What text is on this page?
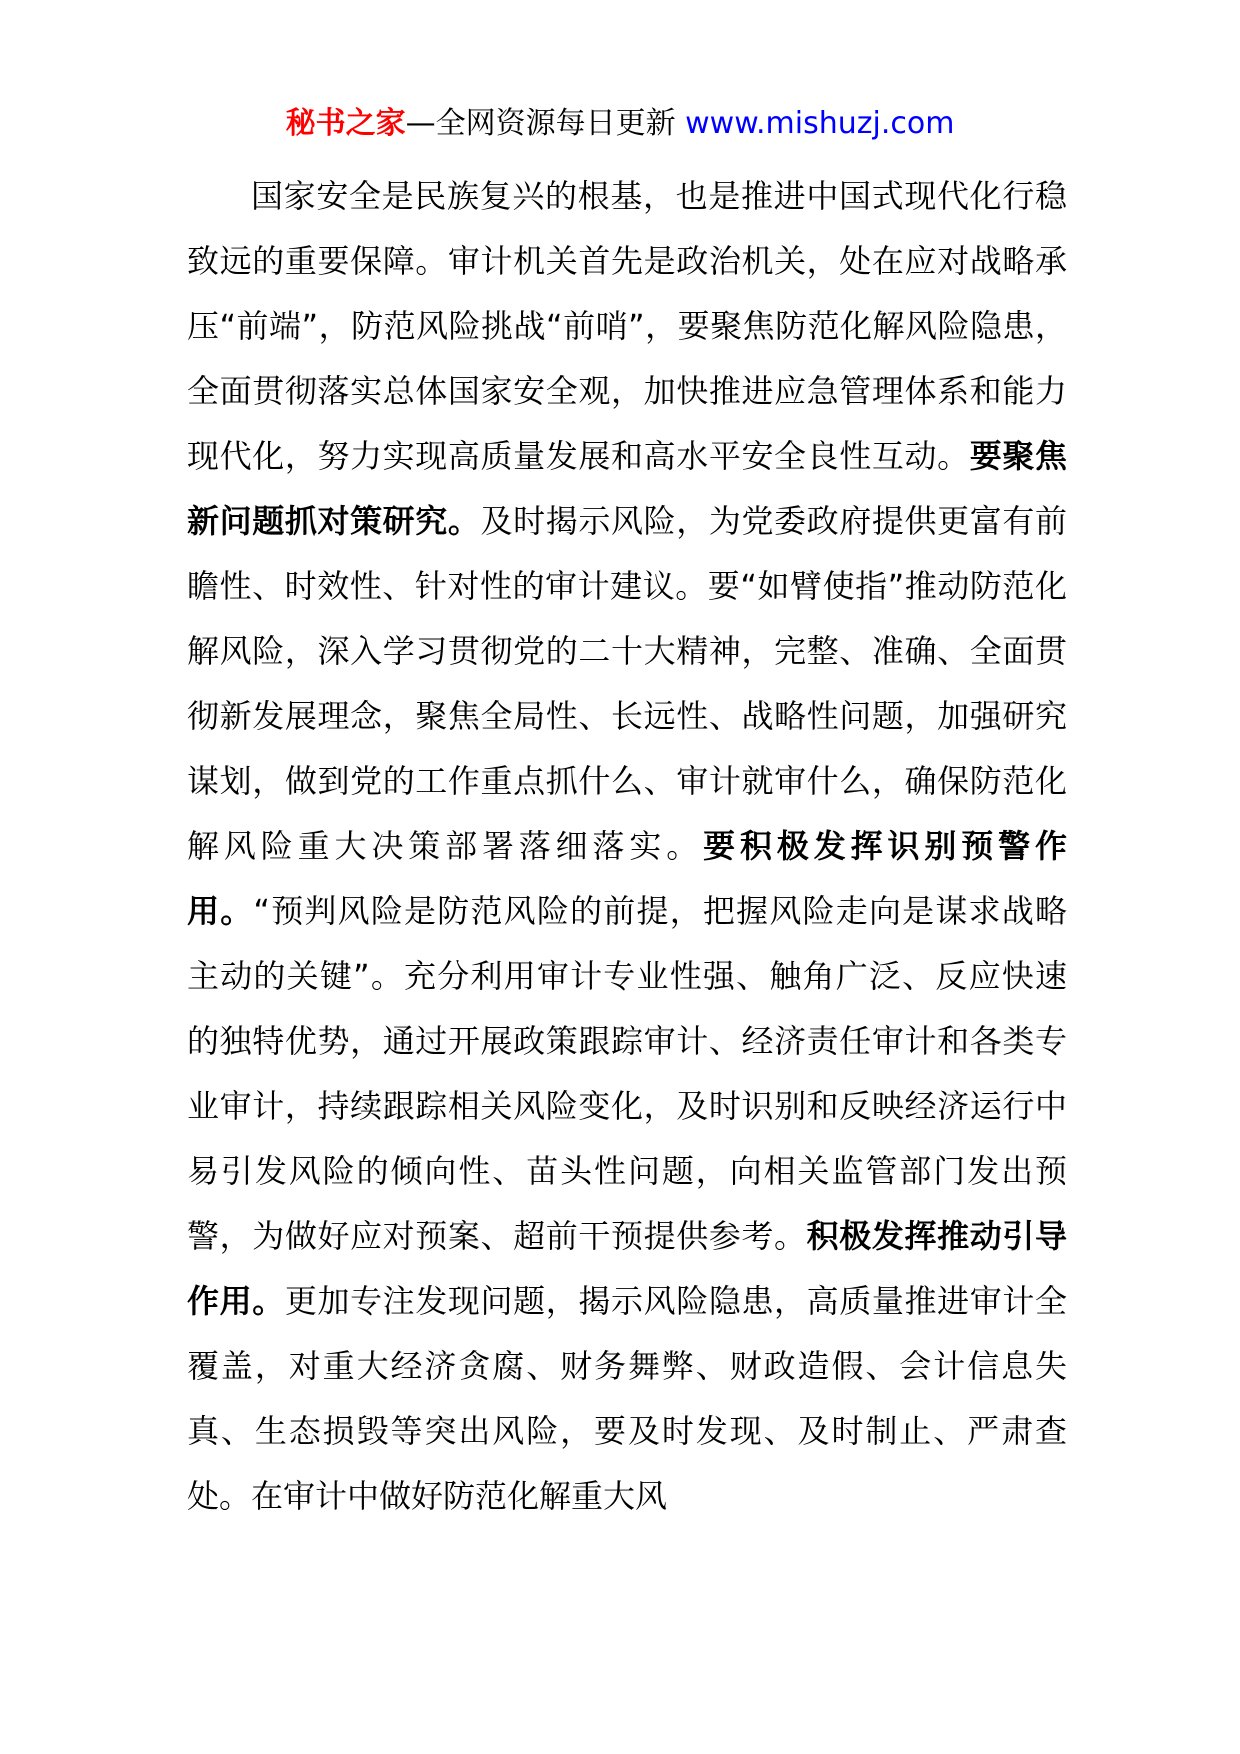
秘书之家—全网资源每日更新 www.mishuzj.com

国家安全是民族复兴的根基，也是推进中国式现代化行稳致远的重要保障。审计机关首先是政治机关，处在应对战略承压“前端”，防范风险挑战“前哨”，要聚焦防范化解风险隐患，全面贯彻落实总体国家安全观，加快推进应急管理体系和能力现代化，努力实现高质量发展和高水平安全良性互动。要聚焦新问题抓对策研究。及时揭示风险，为党委政府提供更富有前瞻性、时效性、针对性的审计建议。要“如臂使指”推动防范化解风险，深入学习贯彻党的二十大精神，完整、准确、全面贯彻新发展理念，聚焦全局性、长远性、战略性问题，加强研究谋划，做到党的工作重点抓什么、审计就审什么，确保防范化解风险重大决策部署落细落实。要积极发挥识别预警作用。“预判风险是防范风险的前提，把握风险走向是谋求战略主动的关键”。充分利用审计专业性强、触角广泛、反应快速的独特优势，通过开展政策跟踪审计、经济责任审计和各类专业审计，持续跟踪相关风险变化，及时识别和反映经济运行中易引发风险的倾向性、苗头性问题，向相关监管部门发出预警，为做好应对预案、超前干预提供参考。积极发挥推动引导作用。更加专注发现问题，揭示风险隐患，高质量推进审计全覆盖，对重大经济贪腐、财务舞弊、财政造假、会计信息失真、生态损毁等突出风险，要及时发现、及时制止、严肃查处。在审计中做好防范化解重大风
